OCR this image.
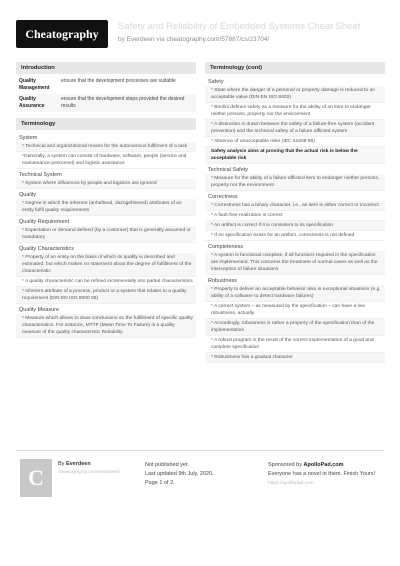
Cheatography
Safety and Reliability of Embedded Systems Cheat Sheet
by Everdeen via cheatography.com/57887/cs/23704/
Introduction
Quality Management	ensure that the development processes are suitable
Quality Assurance	ensure that the development steps provided the desired results
Terminology
System
* Technical and organizational means for the autonomous fulfilment of a task
*Generally, a system can consist of hardware, software, people (service and maintenance personnel) and logistic assistance
Technical System
* System where influences by people and logistics are ignored
Quality
* Degree in which the inherent (anhaftend, dazugehörend) attributes of an entity fulfil quality requirements
Quality Requirement
* Expectation or demand defined (by a customer) that is generally assumed or mandatory
Quality Characteristics
* Property of an entity on the basis of which its quality is described and estimated, but which makes no statement about the degree of fulfillment of the characteristic
* A quality characteristic can be refined incrementally into partial characteristics
* Inherent attribute of a process, product or a system that relates to a quality requirement (DIN EN ISO 9000 05)
Quality Measure
* Measure which allows to draw conclusions on the fulfillment of specific quality characteristics. For instance, MTTF (Mean Time To Failure) is a quality measure of the quality characteristic Reliability
Terminology (cont)
Safety
* State where the danger of a personal or property damage is reduced to an acceptable value (DIN EN ISO 8402)
* Birolini defines safety as a measure for the ability of an item to endanger neither persons, property nor the environment
* A distinction is drawn between the safety of a failure-free system (accident prevention) and the technical safety of a failure afflicted system
* Absence of unacceptable risks (IEC 61508 98)
Safety analysis aims at proving that the actual risk is below the acceptable risk
Technical Safety
* Measure for the ability of a failure afflicted item to endanger neither persons, property nor the environment
Correctness
* Correctness has a binary character, i.e., an item is either correct or incorrect
* A fault-free realization is correct
* An artifact is correct if it is consistent to its specification
* If no specification exists for an artifact, correctness is not defined
Completeness
* A system is functional complete, if all functions required in the specification are implemented. This concerns the treatment of normal cases as well as the interception of failure situations
Robustness
* Property to deliver an acceptable behavior also in exceptional situations (e.g. ability of a software to detect hardware failures)
* A correct system – as measured by the specification – can have a low robustness, actually
* Accordingly, robustness is rather a property of the specification than of the implementation
* A robust program is the result of the correct implementation of a good and complete specification
* Robustness has a gradual character
C
By Everdeen
cheatography.com/everdeen/
Not published yet.
Last updated 9th July, 2020.
Page 1 of 2.
Sponsored by ApolloPad.com
Everyone has a novel in them. Finish Yours!
https://apollopad.com
